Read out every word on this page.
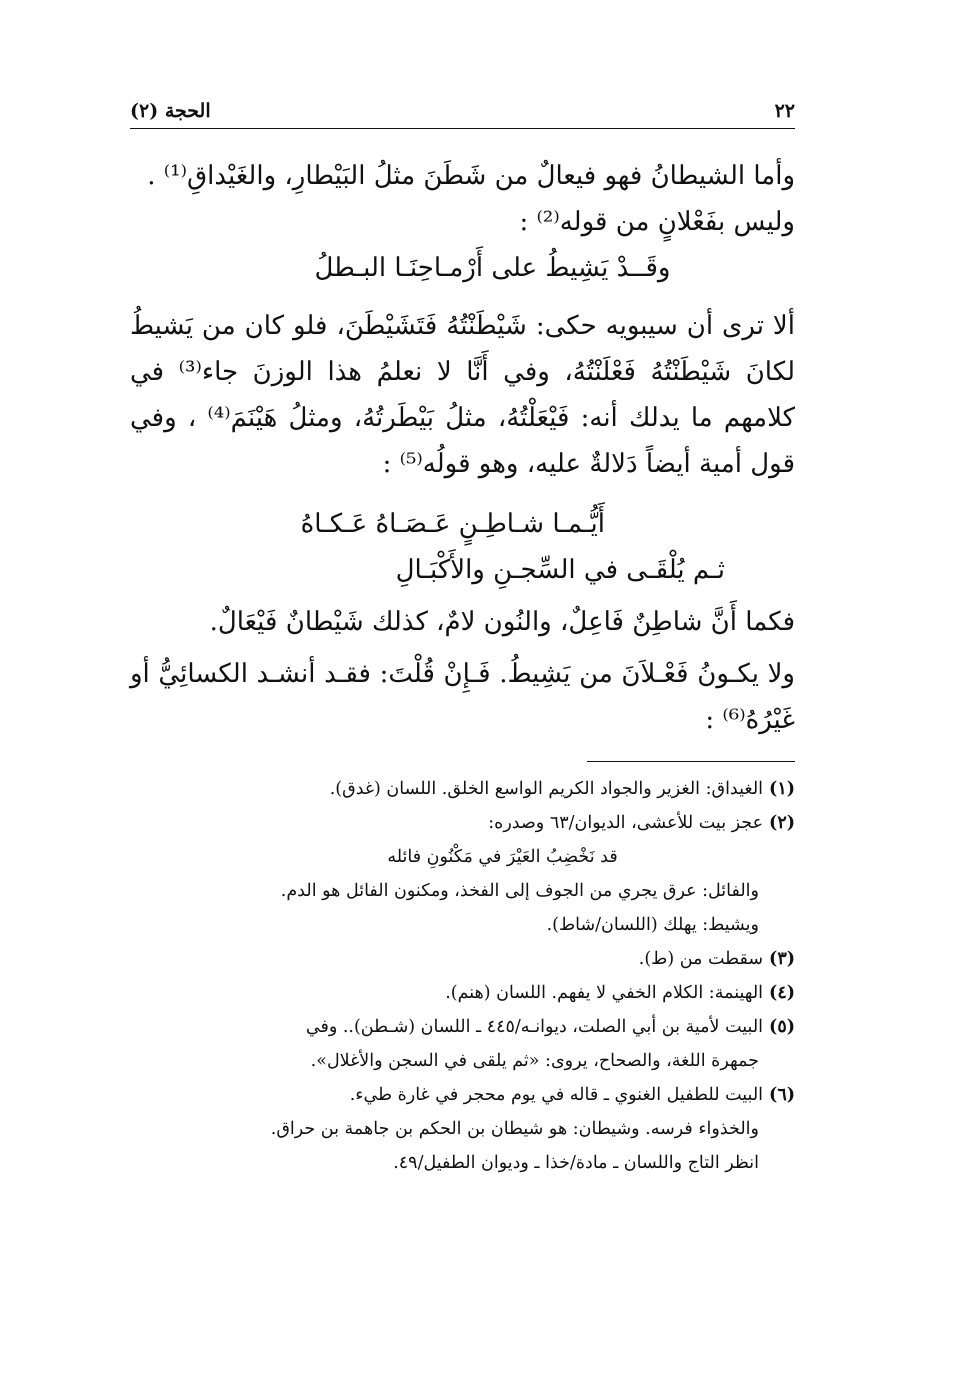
٢٢
الحجة (٢)

وأما الشيطانُ فهو فيعالٌ من شَطَنَ مثلُ البَيْطارِ، والغَيْداقِ⁽¹⁾ .

وليس بفَعْلانٍ من قوله⁽²⁾ :

وقَــدْ يَشِيطُ على أَرْمـاحِنَـا البـطلُ

ألا ترى أن سيبويه حكى: شَيْطَنْتُهُ فَتَشَيْطَنَ، فلو كان من يَشيطُ لكانَ شَيْطَنْتُهُ فَعْلَنْتُهُ، وفي أَنَّا لا نعلمُ هذا الوزنَ جاء⁽³⁾ في كلامهم ما يدلك أنه: فَيْعَلْتُهُ، مثلُ بَيْطَرتُهُ، ومثلُ هَيْنَمَ⁽⁴⁾ ، وفي قول أمية أيضاً دَلالةٌ عليه، وهو قولُه⁽⁵⁾ :

أَيُّـمـا شـاطِـنٍ عَـصَـاهُ عَـكـاهُ

ثـم يُلْقَـى في السِّجـنِ والأَكْبَـالِ

فكما أَنَّ شاطِنٌ فَاعِلٌ، والنُون لامٌ، كذلك شَيْطانٌ فَيْعَالٌ.

ولا يكـونُ فَعْـلاَنَ من يَشِيطُ. فَـإِنْ قُلْتَ: فقـد أنشـد الكسائِيُّ أو غَيْرُهُ⁽⁶⁾ :

(١)الغيداق: الغزير والجواد الكريم الواسع الخلق. اللسان (غدق).

(٢)عجز بيت للأعشى، الديوان/٦٣ وصدره:

قد نَخْضِبُ العَيْرَ في مَكْنُونِ فائله

والفائل: عرق يجري من الجوف إلى الفخذ، ومكنون الفائل هو الدم.

ويشيط: يهلك (اللسان/شاط).

(٣)سقطت من (ط).

(٤)الهينمة: الكلام الخفي لا يفهم. اللسان (هنم).

(٥)البيت لأمية بن أبي الصلت، ديوانـه/٤٤٥ ـ اللسان (شـطن).. وفي

جمهرة اللغة، والصحاح، يروى: «ثم يلقى في السجن والأغلال».

(٦)البيت للطفيل الغنوي ـ قاله في يوم محجر في غارة طيء.

والخذواء فرسه. وشيطان: هو شيطان بن الحكم بن جاهمة بن حراق.

انظر التاج واللسان ـ مادة/خذا ـ وديوان الطفيل/٤٩.
